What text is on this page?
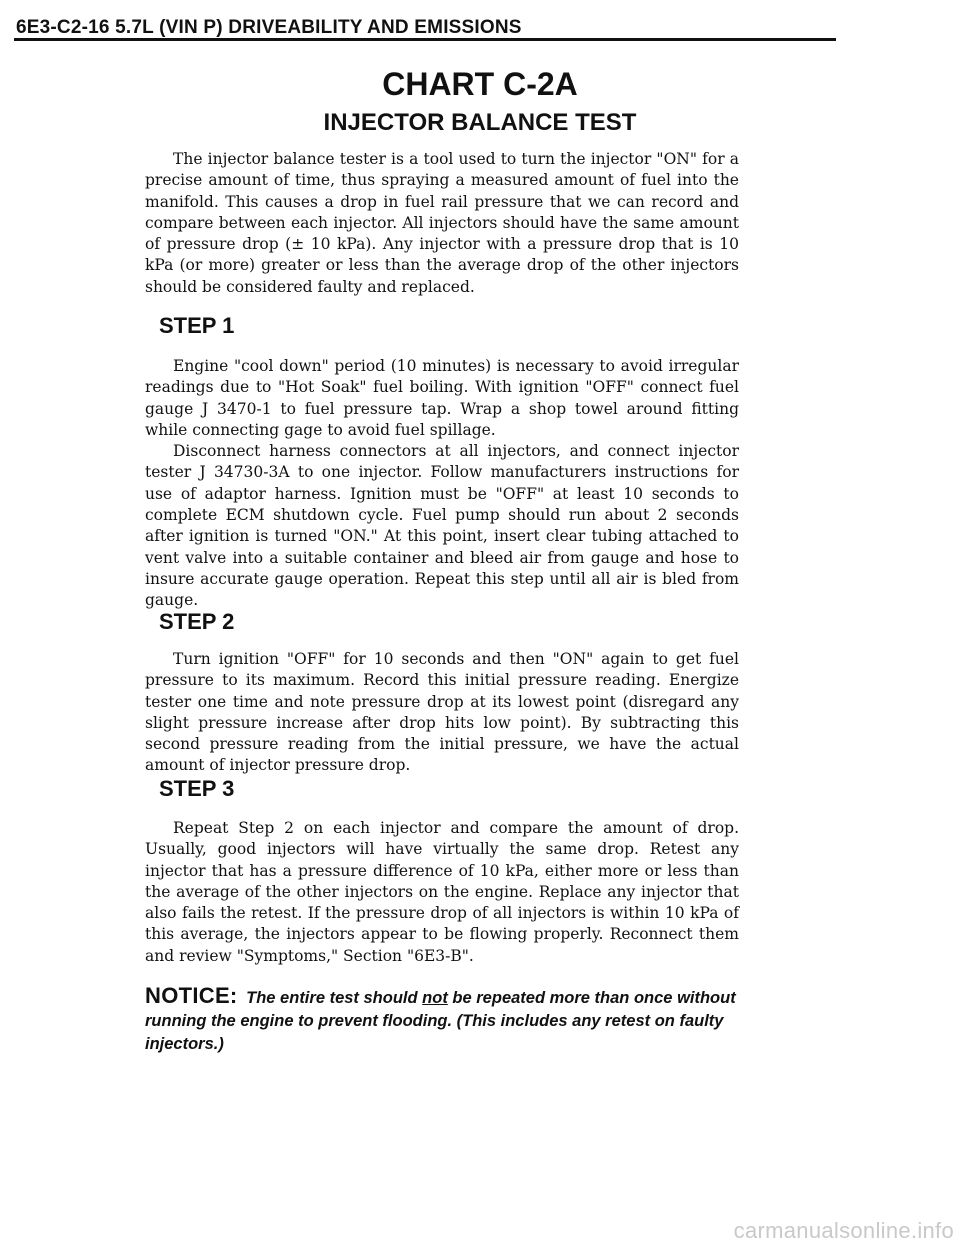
6E3-C2-16 5.7L (VIN P) DRIVEABILITY AND EMISSIONS
CHART C-2A
INJECTOR BALANCE TEST

The injector balance tester is a tool used to turn the injector "ON" for a precise amount of time, thus spraying a measured amount of fuel into the manifold. This causes a drop in fuel rail pressure that we can record and compare between each injector. All injectors should have the same amount of pressure drop (± 10 kPa). Any injector with a pressure drop that is 10 kPa (or more) greater or less than the average drop of the other injectors should be considered faulty and replaced.

STEP 1

Engine "cool down" period (10 minutes) is necessary to avoid irregular readings due to "Hot Soak" fuel boiling. With ignition "OFF" connect fuel gauge J 3470-1 to fuel pressure tap. Wrap a shop towel around fitting while connecting gage to avoid fuel spillage.

Disconnect harness connectors at all injectors, and connect injector tester J 34730-3A to one injector. Follow manufacturers instructions for use of adaptor harness. Ignition must be "OFF" at least 10 seconds to complete ECM shutdown cycle. Fuel pump should run about 2 seconds after ignition is turned "ON." At this point, insert clear tubing attached to vent valve into a suitable container and bleed air from gauge and hose to insure accurate gauge operation. Repeat this step until all air is bled from gauge.

STEP 2

Turn ignition "OFF" for 10 seconds and then "ON" again to get fuel pressure to its maximum. Record this initial pressure reading. Energize tester one time and note pressure drop at its lowest point (disregard any slight pressure increase after drop hits low point). By subtracting this second pressure reading from the initial pressure, we have the actual amount of injector pressure drop.

STEP 3

Repeat Step 2 on each injector and compare the amount of drop. Usually, good injectors will have virtually the same drop. Retest any injector that has a pressure difference of 10 kPa, either more or less than the average of the other injectors on the engine. Replace any injector that also fails the retest. If the pressure drop of all injectors is within 10 kPa of this average, the injectors appear to be flowing properly. Reconnect them and review "Symptoms," Section "6E3-B".

NOTICE: The entire test should not be repeated more than once without running the engine to prevent flooding. (This includes any retest on faulty injectors.)
carmanualsonline.info
